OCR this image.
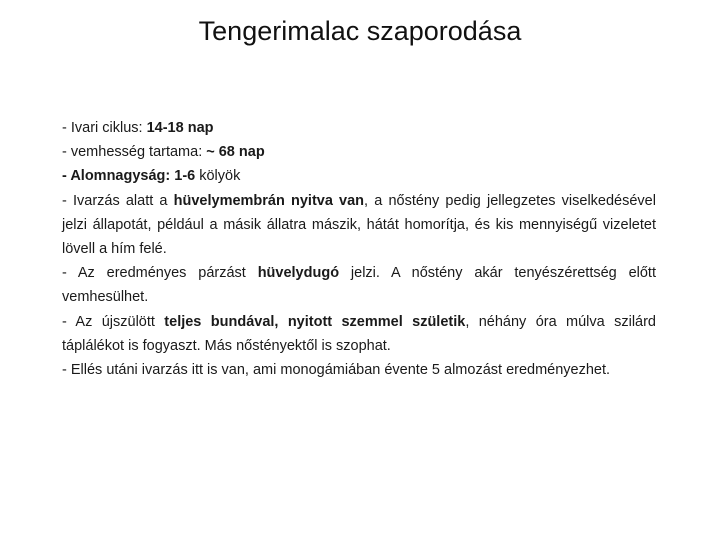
Tengerimalac szaporodása

- Ivari ciklus: 14-18 nap

- vemhesség tartama: ~ 68 nap

- Alomnagyság: 1-6 kölyök

- Ivarzás alatt a hüvelymembrán nyitva van, a nőstény pedig jellegzetes viselkedésével jelzi állapotát, például a másik állatra mászik, hátát homorítja, és kis mennyiségű vizeletet lövell a hím felé.

- Az eredményes párzást hüvelydugó jelzi. A nőstény akár tenyészérettség előtt vemhesülhet.

- Az újszülött teljes bundával, nyitott szemmel születik, néhány óra múlva szilárd táplálékot is fogyaszt. Más nőstényektől is szophat.

- Ellés utáni ivarzás itt is van, ami monogámiában évente 5 almozást eredményezhet.
